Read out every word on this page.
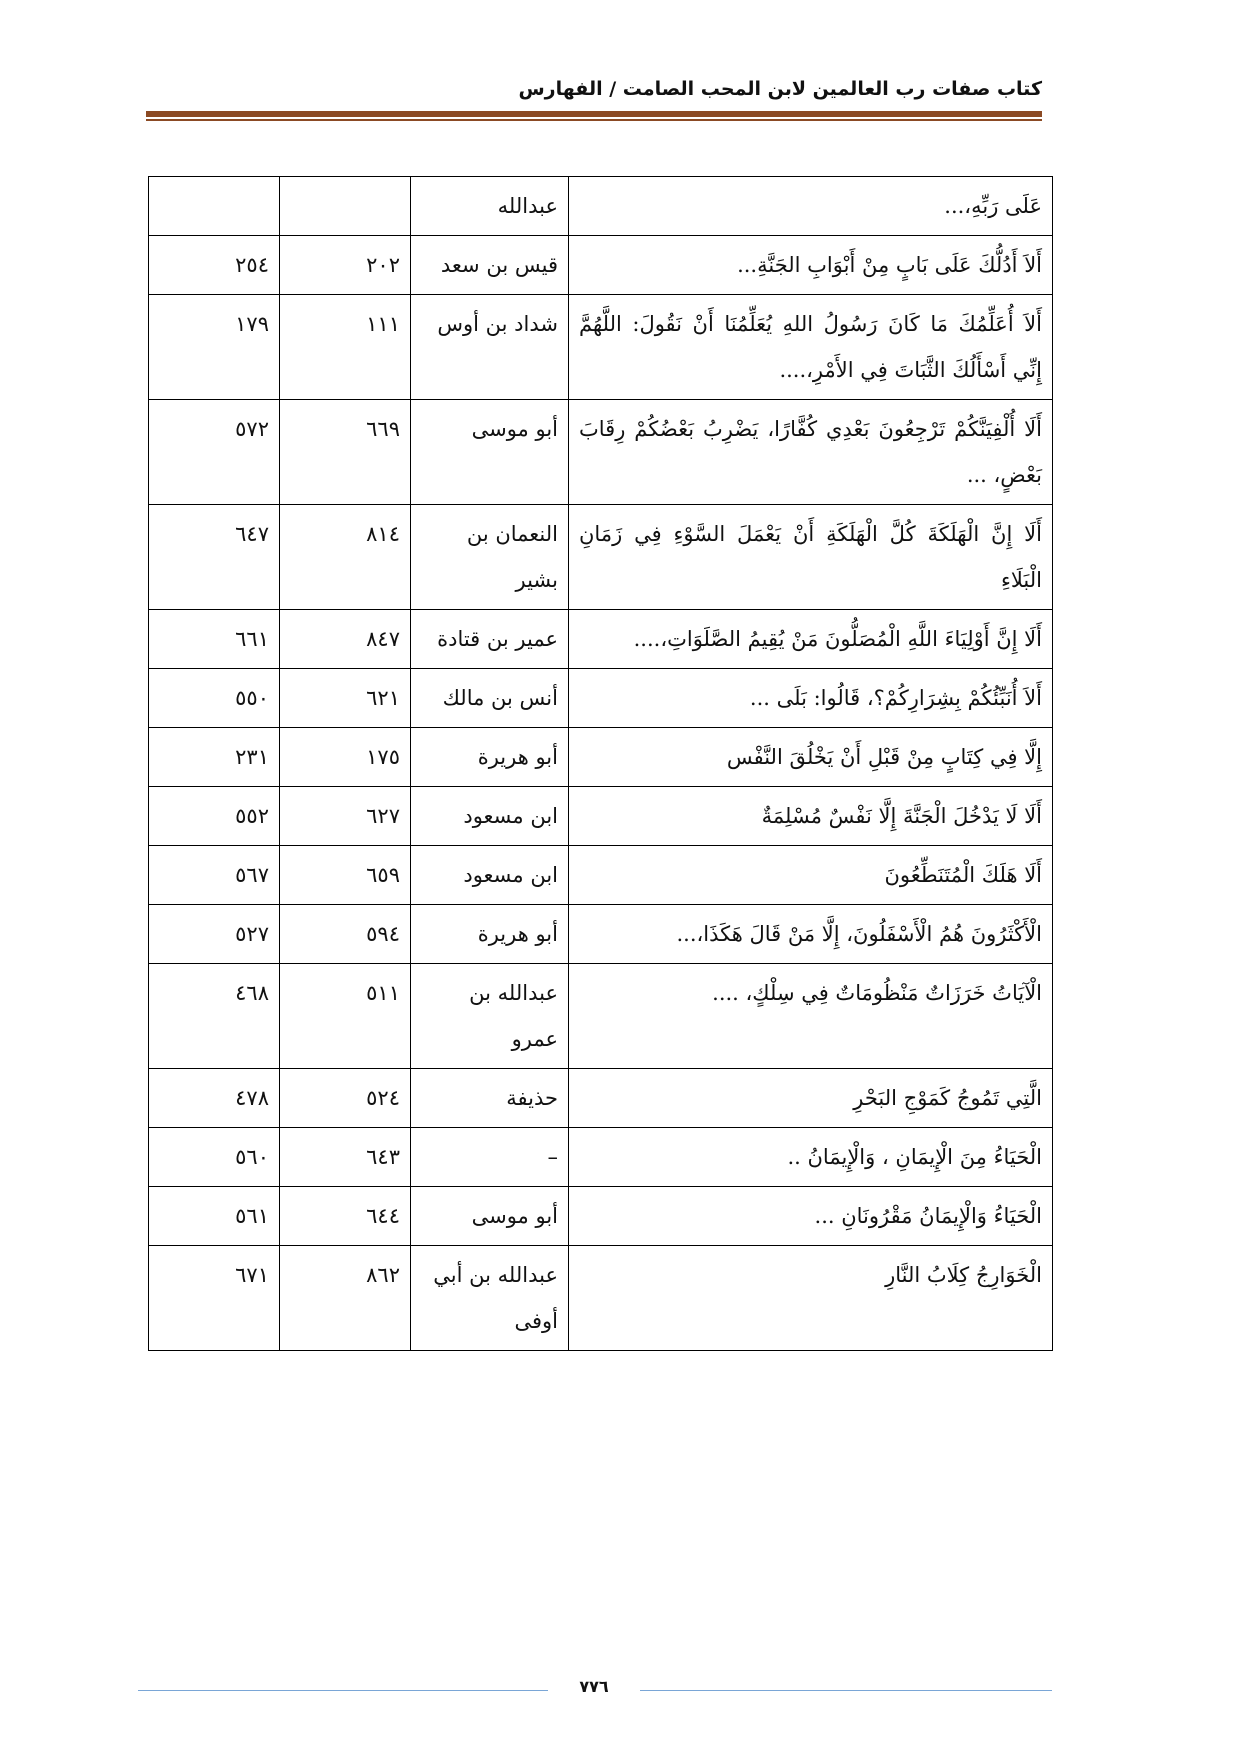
كتاب صفات رب العالمين لابن المحب الصامت / الفهارس
عَلَى رَبِّهِ،...	عبدالله		
أَلاَ أَدُلُّكَ عَلَى بَابٍ مِنْ أَبْوَابِ الجَنَّةِ...	قيس بن سعد	٢٠٢	٢٥٤
أَلاَ أُعَلِّمُكَ مَا كَانَ رَسُولُ اللهِ يُعَلِّمُنَا أَنْ نَقُولَ: اللَّهُمَّ إِنِّي أَسْأَلُكَ الثَّبَاتَ فِي الأَمْرِ،....	شداد بن أوس	١١١	١٧٩
أَلَا أُلْفِيَنَّكُمْ تَرْجِعُونَ بَعْدِي كُفَّارًا، يَضْرِبُ بَعْضُكُمْ رِقَابَ بَعْضٍ، ...	أبو موسى	٦٦٩	٥٧٢
أَلَا إِنَّ الْهَلَكَةَ كُلَّ الْهَلَكَةِ أَنْ يَعْمَلَ السَّوْءِ فِي زَمَانِ الْبَلَاءِ	النعمان بن بشير	٨١٤	٦٤٧
أَلَا إِنَّ أَوْلِيَاءَ اللَّهِ الْمُصَلُّونَ مَنْ يُقِيمُ الصَّلَوَاتِ،....	عمير بن قتادة	٨٤٧	٦٦١
أَلاَ أُنَبِّئُكُمْ بِشِرَارِكُمْ؟، قَالُوا: بَلَى ...	أنس بن مالك	٦٢١	٥٥٠
إِلَّا فِي كِتَابٍ مِنْ قَبْلِ أَنْ يَخْلُقَ النَّفْس	أبو هريرة	١٧٥	٢٣١
أَلَا لَا يَدْخُلَ الْجَنَّةَ إِلَّا نَفْسٌ مُسْلِمَةٌ	ابن مسعود	٦٢٧	٥٥٢
أَلَا هَلَكَ الْمُتَنَطِّعُونَ	ابن مسعود	٦٥٩	٥٦٧
الْأَكْثَرُونَ هُمُ الْأَسْفَلُونَ، إِلَّا مَنْ قَالَ هَكَذَا،...	أبو هريرة	٥٩٤	٥٢٧
الْآيَاتُ خَرَزَاتٌ مَنْظُومَاتٌ فِي سِلْكٍ، ....	عبدالله بن عمرو	٥١١	٤٦٨
الَّتِي تَمُوجُ كَمَوْجِ البَحْرِ	حذيفة	٥٢٤	٤٧٨
الْحَيَاءُ مِنَ الْإِيمَانِ ، وَالْإِيمَانُ ..	–	٦٤٣	٥٦٠
الْحَيَاءُ وَالْإِيمَانُ مَقْرُونَانِ ...	أبو موسى	٦٤٤	٥٦١
الْخَوَارِجُ كِلَابُ النَّارِ	عبدالله بن أبي أوفى	٨٦٢	٦٧١
٧٧٦
